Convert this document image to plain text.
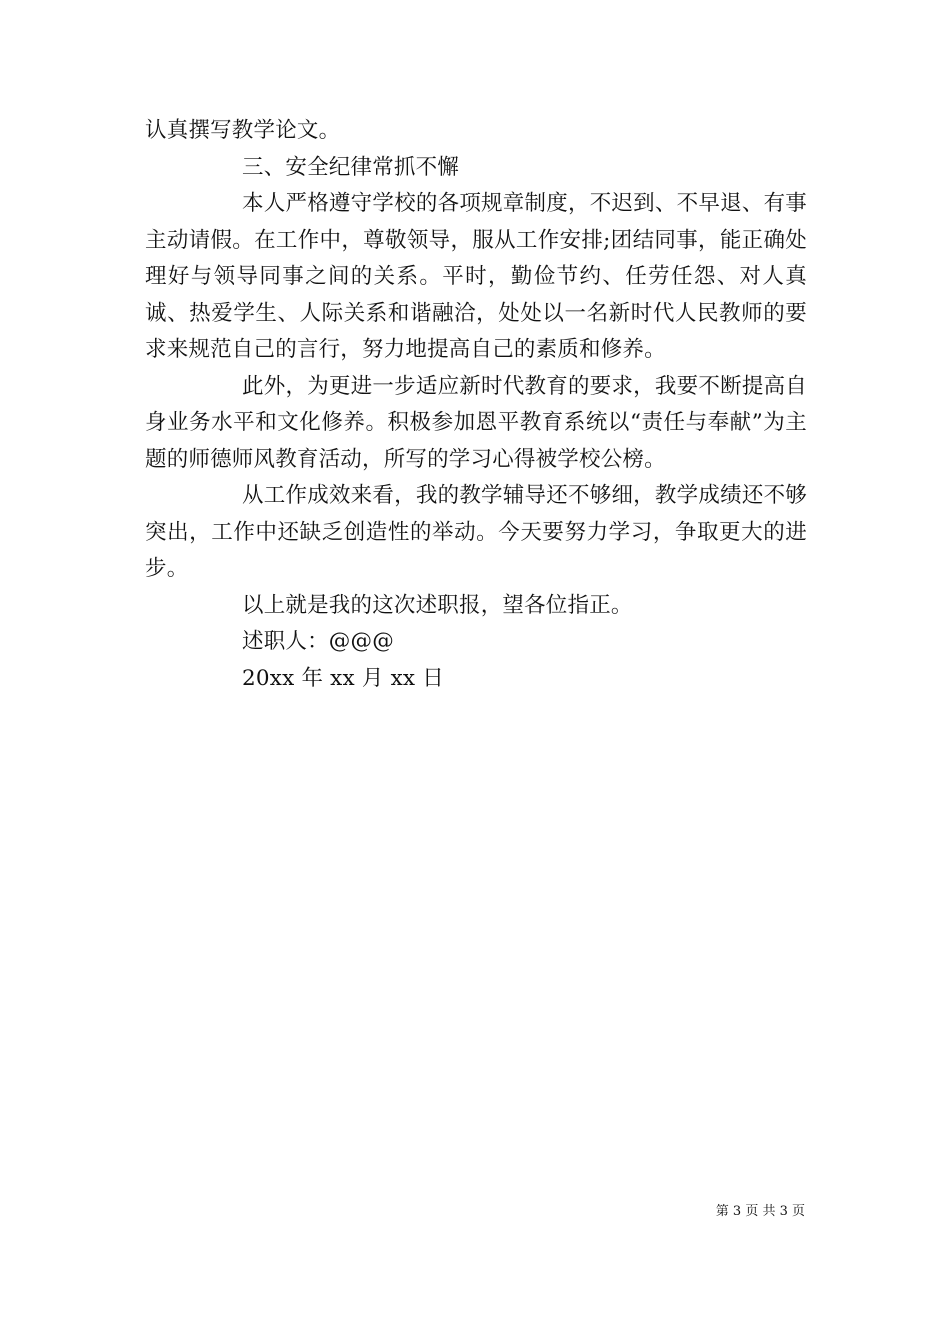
认真撰写教学论文。

三、安全纪律常抓不懈

本人严格遵守学校的各项规章制度，不迟到、不早退、有事主动请假。在工作中，尊敬领导，服从工作安排;团结同事，能正确处理好与领导同事之间的关系。平时，勤俭节约、任劳任怨、对人真诚、热爱学生、人际关系和谐融洽，处处以一名新时代人民教师的要求来规范自己的言行，努力地提高自己的素质和修养。

此外，为更进一步适应新时代教育的要求，我要不断提高自身业务水平和文化修养。积极参加恩平教育系统以“责任与奉献”为主题的师德师风教育活动，所写的学习心得被学校公榜。

从工作成效来看，我的教学辅导还不够细，教学成绩还不够突出，工作中还缺乏创造性的举动。今天要努力学习，争取更大的进步。

以上就是我的这次述职报，望各位指正。

述职人：@@@

20xx 年 xx 月 xx 日

第 3 页 共 3 页
